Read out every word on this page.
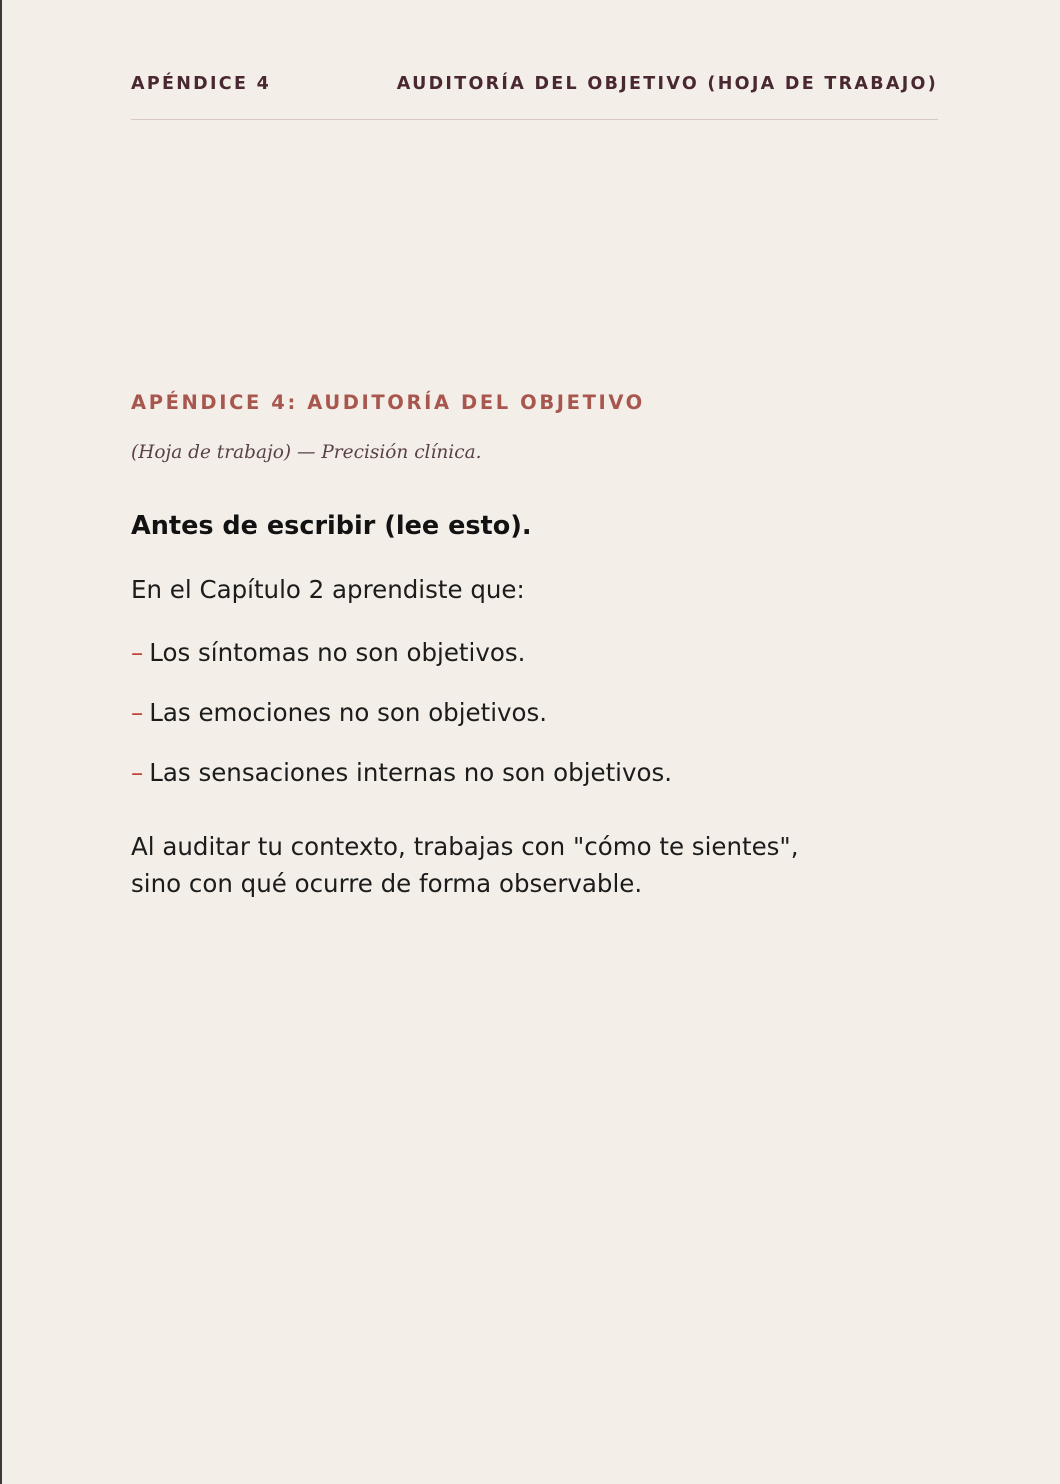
APÉNDICE 4	AUDITORÍA DEL OBJETIVO (HOJA DE TRABAJO)
APÉNDICE 4: AUDITORÍA DEL OBJETIVO
(Hoja de trabajo) — Precisión clínica.
Antes de escribir (lee esto).
En el Capítulo 2 aprendiste que:
– Los síntomas no son objetivos.
– Las emociones no son objetivos.
– Las sensaciones internas no son objetivos.
Al auditar tu contexto, trabajas con "cómo te sientes",
sino con qué ocurre de forma observable.
